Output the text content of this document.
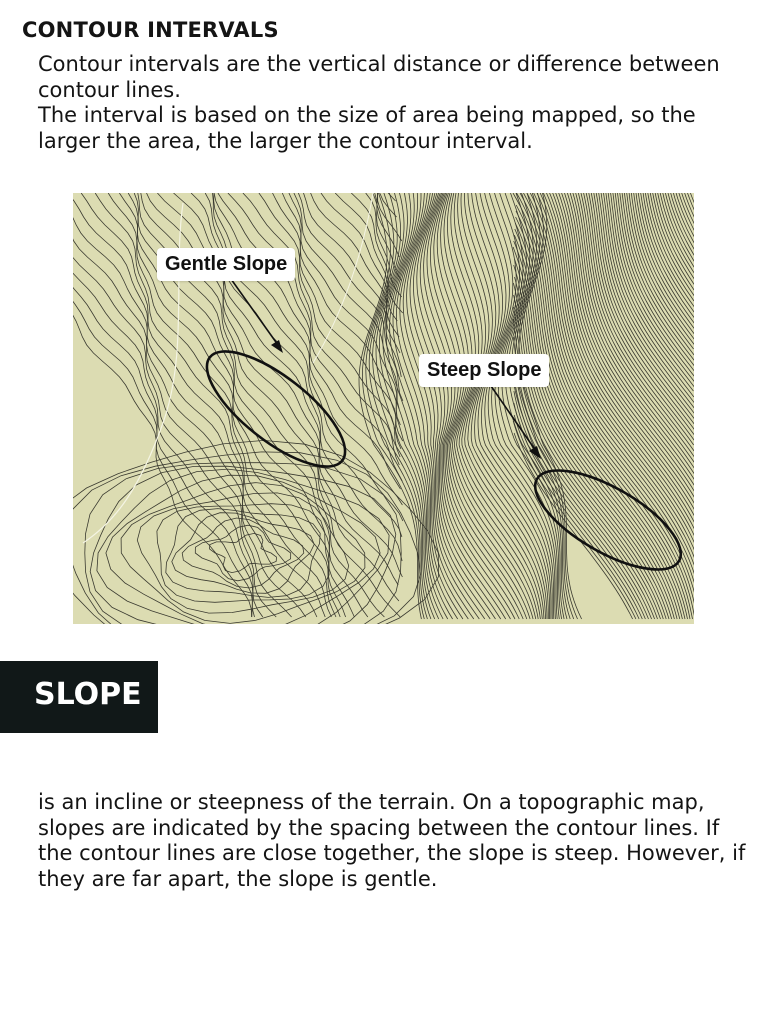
CONTOUR INTERVALS

Contour intervals are the vertical distance or difference between contour lines.

The interval is based on the size of area being mapped, so the larger the area, the larger the contour interval.

Gentle Slope
Steep Slope
SLOPE

is an incline or steepness of the terrain. On a topographic map, slopes are indicated by the spacing between the contour lines. If the contour lines are close together, the slope is steep. However, if they are far apart, the slope is gentle.
